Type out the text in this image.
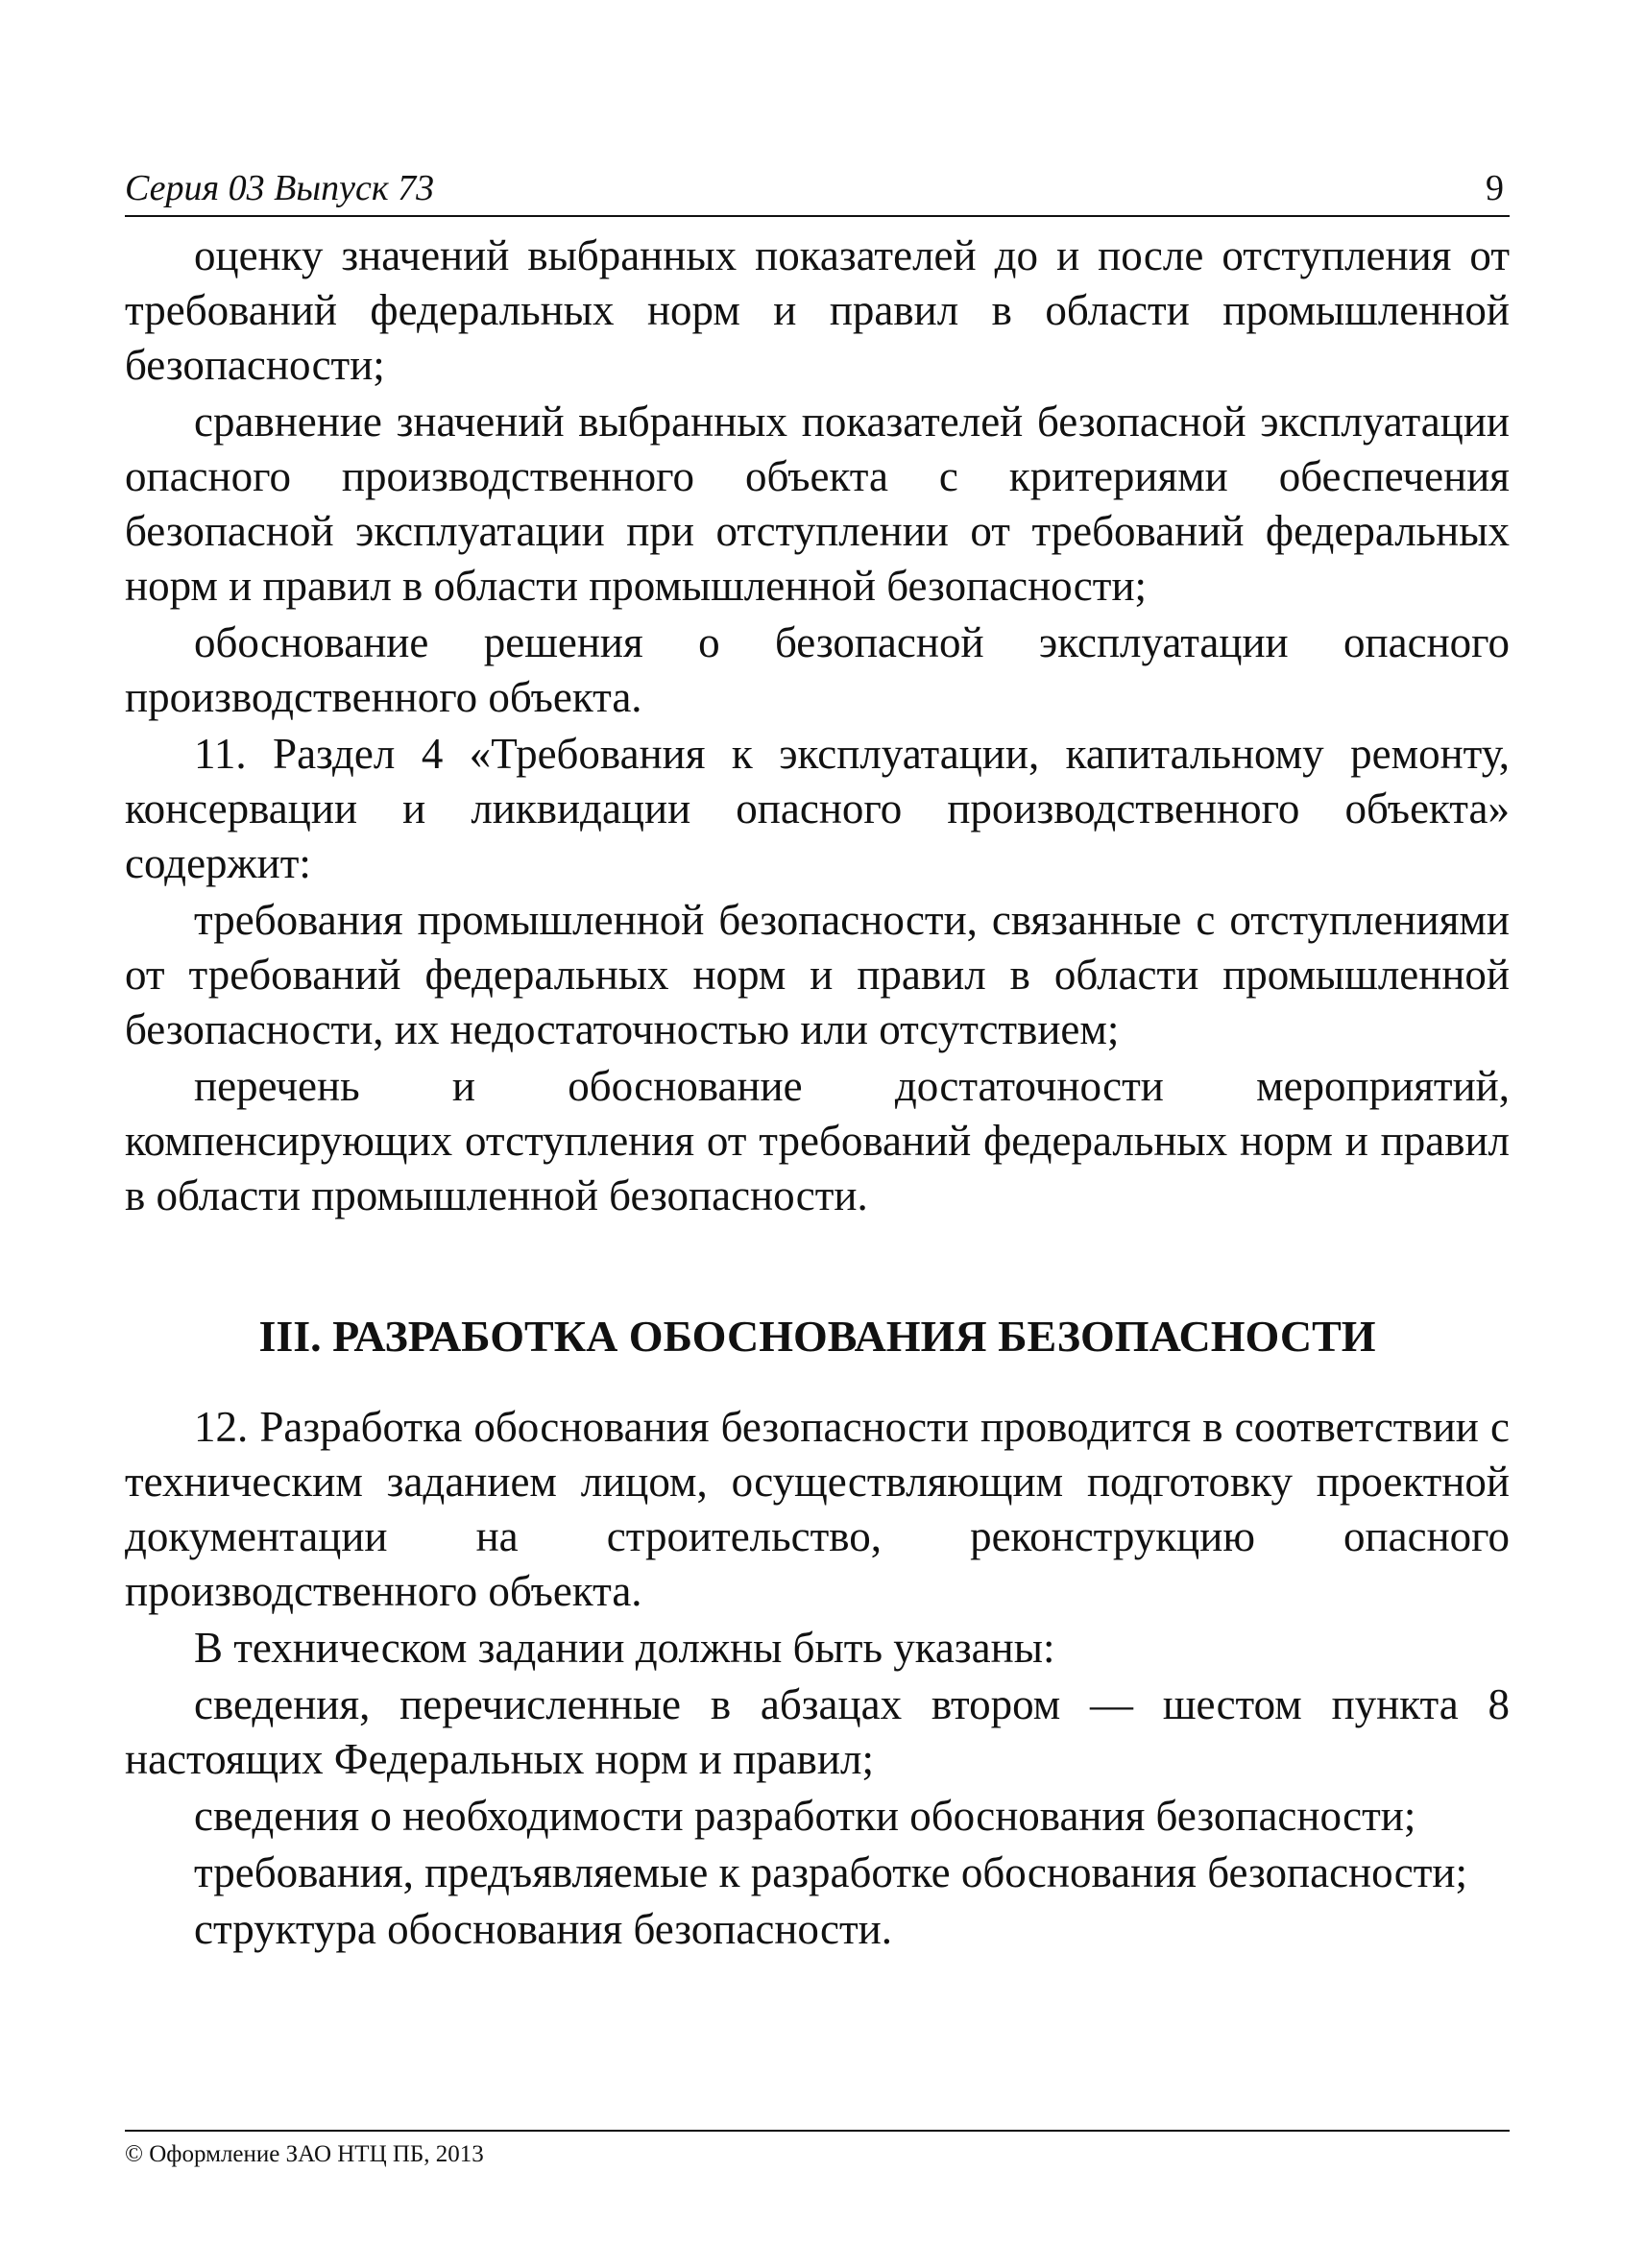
Серия 03 Выпуск 73	9

оценку значений выбранных показателей до и после отступления от требований федеральных норм и правил в области промышленной безопасности;

сравнение значений выбранных показателей безопасной эксплуатации опасного производственного объекта с критериями обеспечения безопасной эксплуатации при отступлении от требований федеральных норм и правил в области промышленной безопасности;

обоснование решения о безопасной эксплуатации опасного производственного объекта.

11. Раздел 4 «Требования к эксплуатации, капитальному ремонту, консервации и ликвидации опасного производственного объекта» содержит:

требования промышленной безопасности, связанные с отступлениями от требований федеральных норм и правил в области промышленной безопасности, их недостаточностью или отсутствием;

перечень и обоснование достаточности мероприятий, компенсирующих отступления от требований федеральных норм и правил в области промышленной безопасности.

III. РАЗРАБОТКА ОБОСНОВАНИЯ БЕЗОПАСНОСТИ

12. Разработка обоснования безопасности проводится в соответствии с техническим заданием лицом, осуществляющим подготовку проектной документации на строительство, реконструкцию опасного производственного объекта.

В техническом задании должны быть указаны:

сведения, перечисленные в абзацах втором — шестом пункта 8 настоящих Федеральных норм и правил;

сведения о необходимости разработки обоснования безопасности;

требования, предъявляемые к разработке обоснования безопасности;

структура обоснования безопасности.

© Оформление ЗАО НТЦ ПБ, 2013
